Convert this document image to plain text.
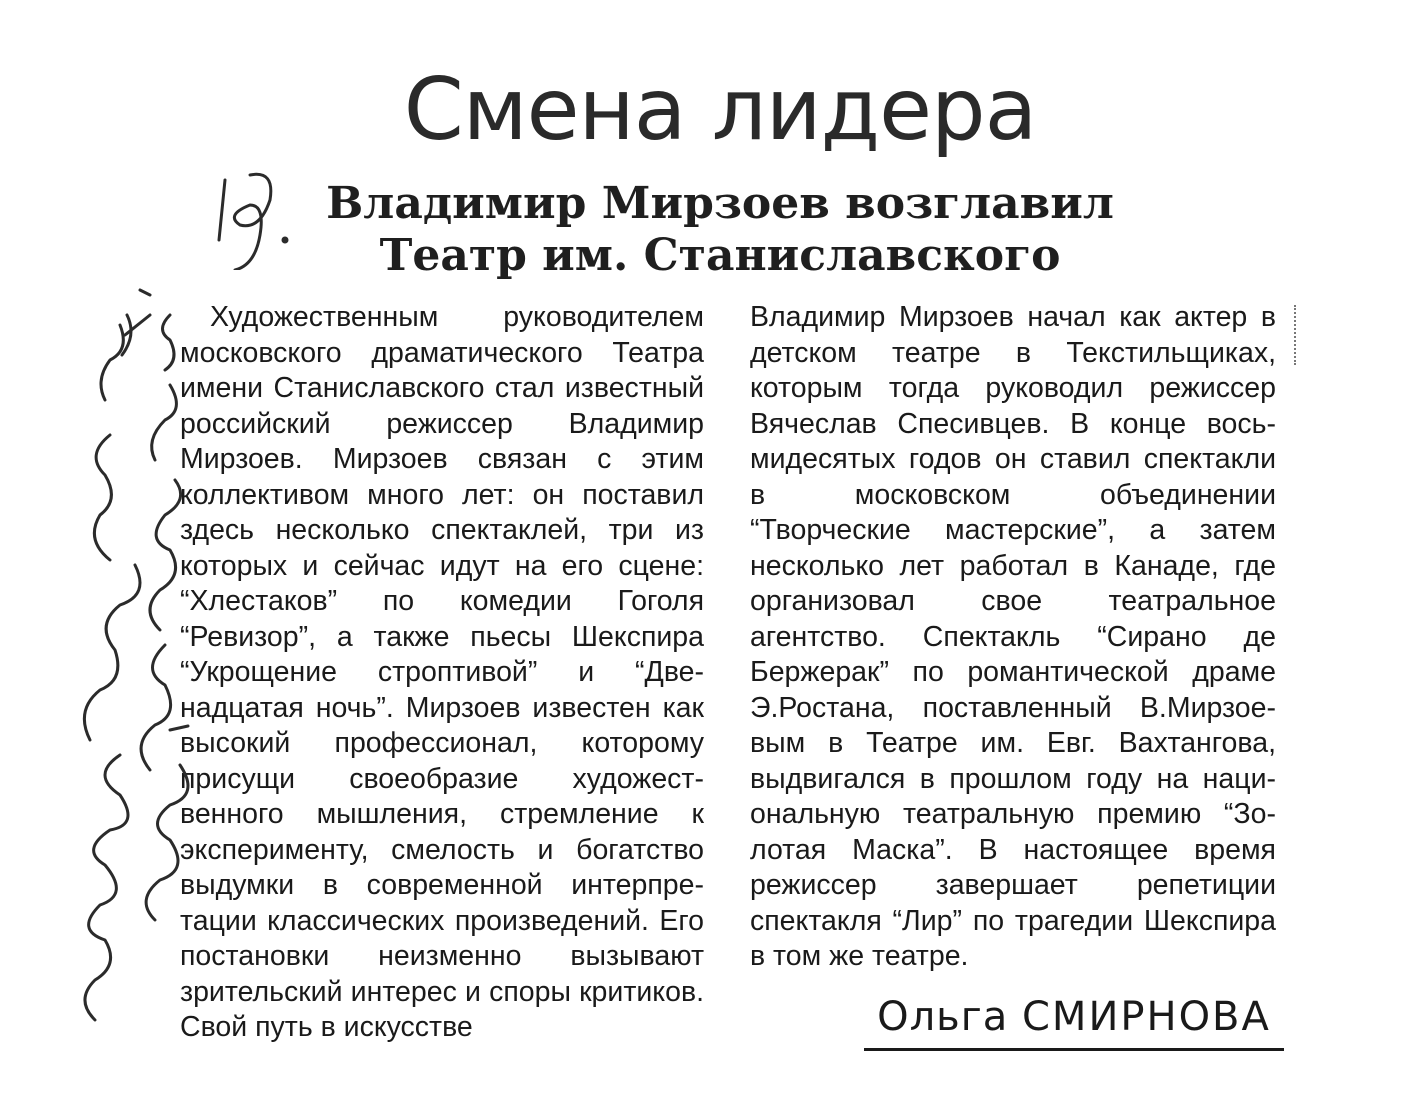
Смена лидера
Владимир Мирзоев возглавил Театр им. Станиславского

Художественным руководителем московского драматического Театра имени Станиславского стал известный российский режиссер Владимир Мирзоев. Мирзоев связан с этим коллективом много лет: он поставил здесь несколько спектаклей, три из которых и сейчас идут на его сцене: “Хлестаков” по комедии Гоголя “Ревизор”, а также пьесы Шекспира “Укрощение строптивой” и “Двенадцатая ночь”. Мирзоев известен как высокий профессионал, которому присущи своеобразие художественного мышления, стремление к эксперименту, смелость и богатство выдумки в современной интерпретации классических произведений. Его постановки неизменно вызывают зрительский интерес и споры критиков. Свой путь в искусстве

Владимир Мирзоев начал как актер в детском театре в Текстильщиках, которым тогда руководил режиссер Вячеслав Спесивцев. В конце восьмидесятых годов он ставил спектакли в московском объединении “Творческие мастерские”, а затем несколько лет работал в Канаде, где организовал свое театральное агентство. Спектакль “Сирано де Бержерак” по романтической драме Э.Ростана, поставленный В.Мирзоевым в Театре им. Евг. Вахтангова, выдвигался в прошлом году на национальную театральную премию “Золотая Маска”. В настоящее время режиссер завершает репетиции спектакля “Лир” по трагедии Шекспира в том же театре.

Ольга СМИРНОВА
